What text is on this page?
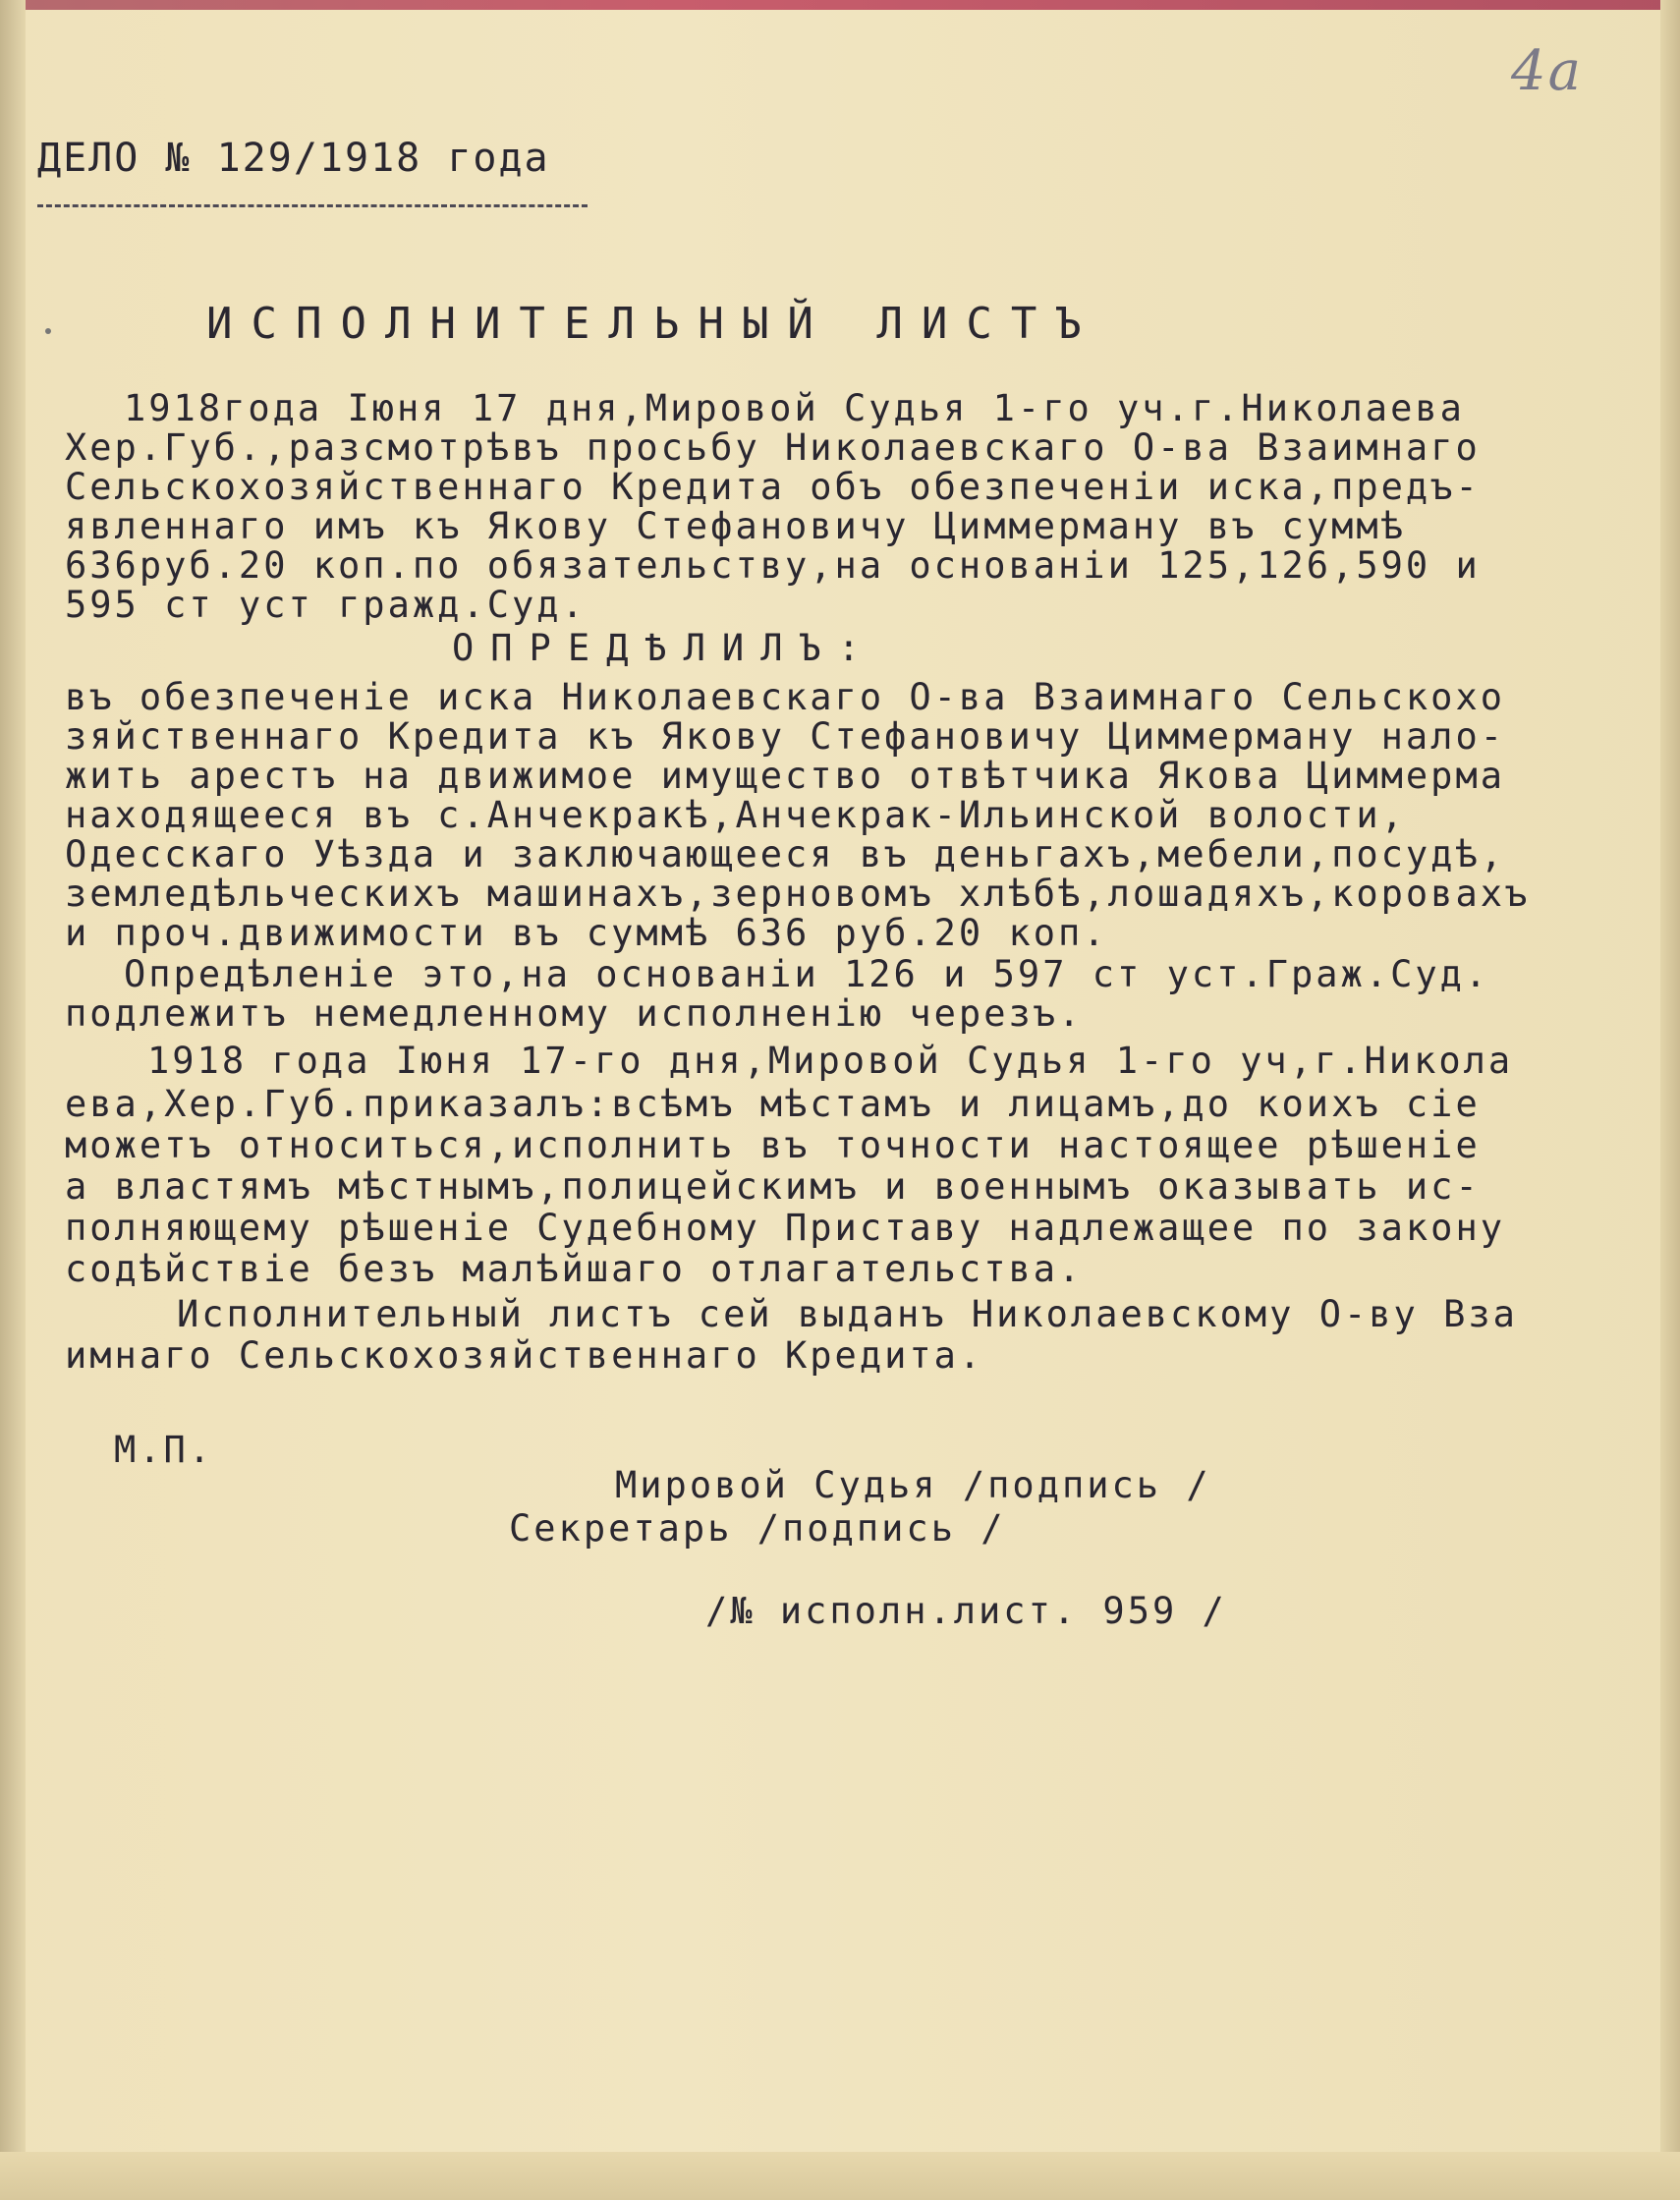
4a
ДЕЛО № 129/1918 года
ИСПОЛНИТЕЛЬНЫЙ ЛИСТЪ
1918года Iюня 17 дня,Мировой Судья 1-го уч.г.Николаева
Хер.Губ.,разсмотрѣвъ просьбу Николаевскаго О-ва Взаимнаго
Сельскохозяйственнаго Кредита объ обезпеченіи иска,предъ-
явленнаго имъ къ Якову Стефановичу Циммерману въ суммѣ
636руб.20 коп.по обязательству,на основаніи 125,126,590 и
595 ст уст гражд.Суд.
ОПРЕДѢЛИЛЪ:
въ обезпеченіе иска Николаевскаго О-ва Взаимнаго Сельскохо
зяйственнаго Кредита къ Якову Стефановичу Циммерману нало-
жить арестъ на движимое имущество отвѣтчика Якова Циммерма
находящееся въ с.Анчекракѣ,Анчекрак-Ильинской волости,
Одесскаго Уѣзда и заключающееся въ деньгахъ,мебели,посудѣ,
земледѣльческихъ машинахъ,зерновомъ хлѣбѣ,лошадяхъ,коровахъ
и проч.движимости въ суммѣ 636 руб.20 коп.
Опредѣленіе это,на основаніи 126 и 597 ст уст.Граж.Суд.
подлежитъ немедленному исполненію черезъ.
1918 года Iюня 17-го дня,Мировой Судья 1-го уч,г.Никола
ева,Хер.Губ.приказалъ:всѣмъ мѣстамъ и лицамъ,до коихъ сіе
можетъ относиться,исполнить въ точности настоящее рѣшеніе
а властямъ мѣстнымъ,полицейскимъ и военнымъ оказывать ис-
полняющему рѣшеніе Судебному Приставу надлежащее по закону
содѣйствіе безъ малѣйшаго отлагательства.
Исполнительный листъ сей выданъ Николаевскому О-ву Вза
имнаго Сельскохозяйственнаго Кредита.
М.П.
Мировой Судья /подпись /
Секретарь /подпись /
/№ исполн.лист. 959 /
